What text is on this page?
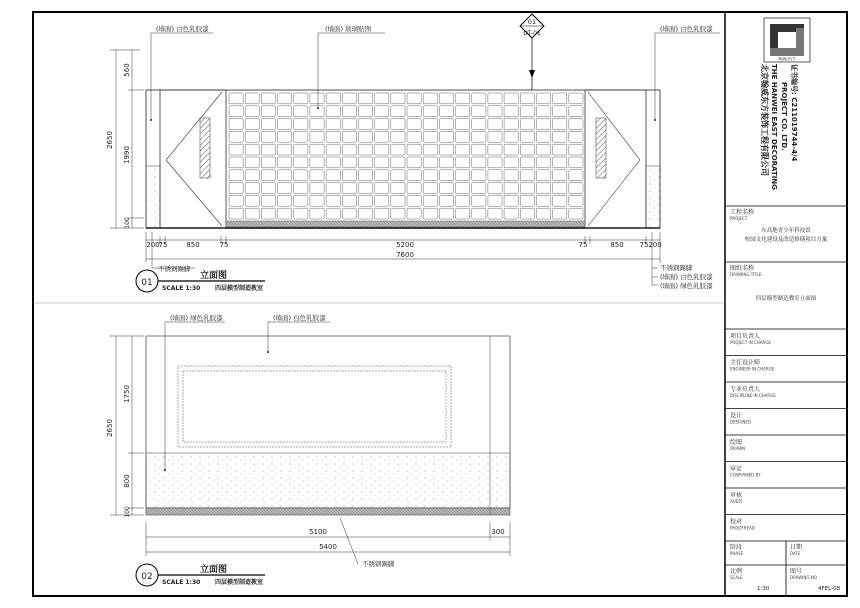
01
DT-01
(墙面) 白色乳胶漆	(墙面) 玻璃贴图	(墙面) 白色乳胶漆
不锈钢踢脚	不锈钢踢脚
(墙面) 白色乳胶漆
(墙面) 绿色乳胶漆
200
75	850	75	5200	75	850 75 200
7600
2650
560
1990
100
01
立面图
SCALE 1:30 四层模型制造教室
(墙面) 绿色乳胶漆	(墙面) 白色乳胶漆
不锈钢踢脚
5100	300
5400
2650
1750
800
100
02
立面图
SCALE 1:30 四层模型制造教室
翰|威|东|方
北京翰威东方装饰工程有限公司 THE HANWEI EAST DECORATING PROJECT CO. LTD. 证书编号: C211019744-4/4
工程名称
PROJECT
东高地青少年科技馆
校园文化建设及改造修缮项目方案
图纸名称
DRAWING TITLE
四层模型制造教室立面图
项目负责人
PROJECT IN CHARGE
主任设计师
ENGINEER IN CHARGE
专业负责人
DISCIPLINE IN CHARGE
设计
DESIGNED
绘图
DRAWN
审定
CONFIRMED BY
审核
AUDIT
校对
PROOFREAD
阶段
PHASE
日期
DATE
比例
SCALE
1:30
图号
DRAWING NO
4FEL-08
